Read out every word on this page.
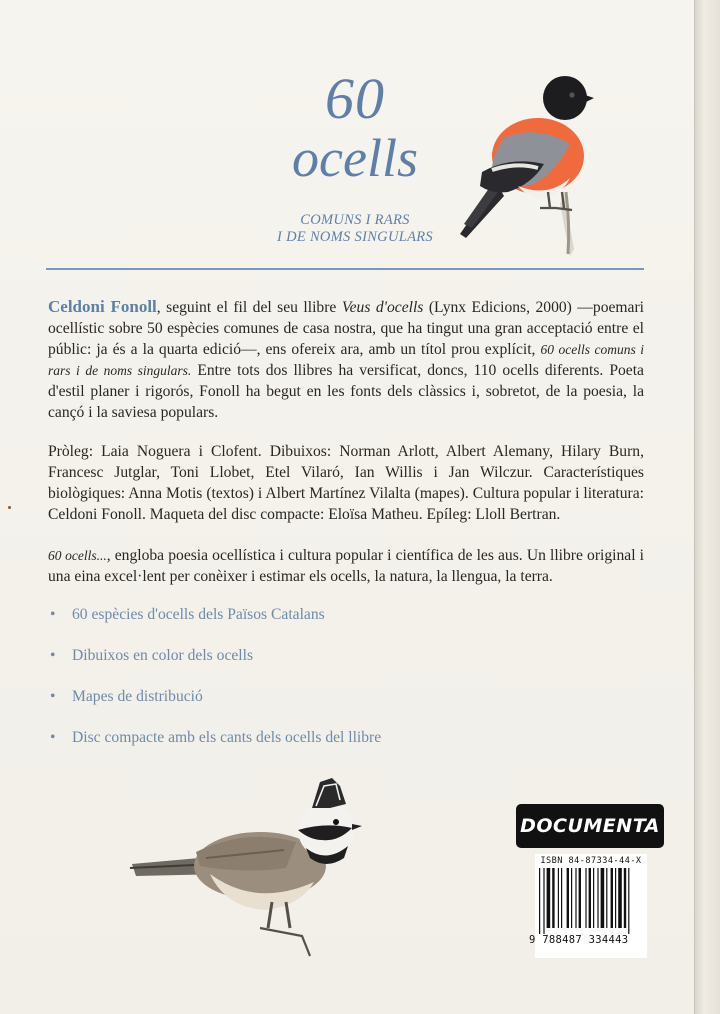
60
ocells
COMUNS I RARS
I DE NOMS SINGULARS
Celdoni Fonoll, seguint el fil del seu llibre Veus d'ocells (Lynx Edicions, 2000) —poemari ocellístic sobre 50 espècies comunes de casa nostra, que ha tingut una gran acceptació entre el públic: ja és a la quarta edició—, ens ofereix ara, amb un títol prou explícit, 60 ocells comuns i rars i de noms singulars. Entre tots dos llibres ha versificat, doncs, 110 ocells diferents. Poeta d'estil planer i rigorós, Fonoll ha begut en les fonts dels clàssics i, sobretot, de la poesia, la cançó i la saviesa populars.
Pròleg: Laia Noguera i Clofent. Dibuixos: Norman Arlott, Albert Alemany, Hilary Burn, Francesc Jutglar, Toni Llobet, Etel Vilaró, Ian Willis i Jan Wilczur. Característiques biològiques: Anna Motis (textos) i Albert Martínez Vilalta (mapes). Cultura popular i literatura: Celdoni Fonoll. Maqueta del disc compacte: Eloïsa Matheu. Epíleg: Lloll Bertran.
60 ocells..., engloba poesia ocellística i cultura popular i científica de les aus. Un llibre original i una eina excel·lent per conèixer i estimar els ocells, la natura, la llengua, la terra.
• 60 espècies d'ocells dels Països Catalans
• Dibuixos en color dels ocells
• Mapes de distribució
• Disc compacte amb els cants dels ocells del llibre
DOCUMENTA
ISBN 84-87334-44-X
9 788487 334443
